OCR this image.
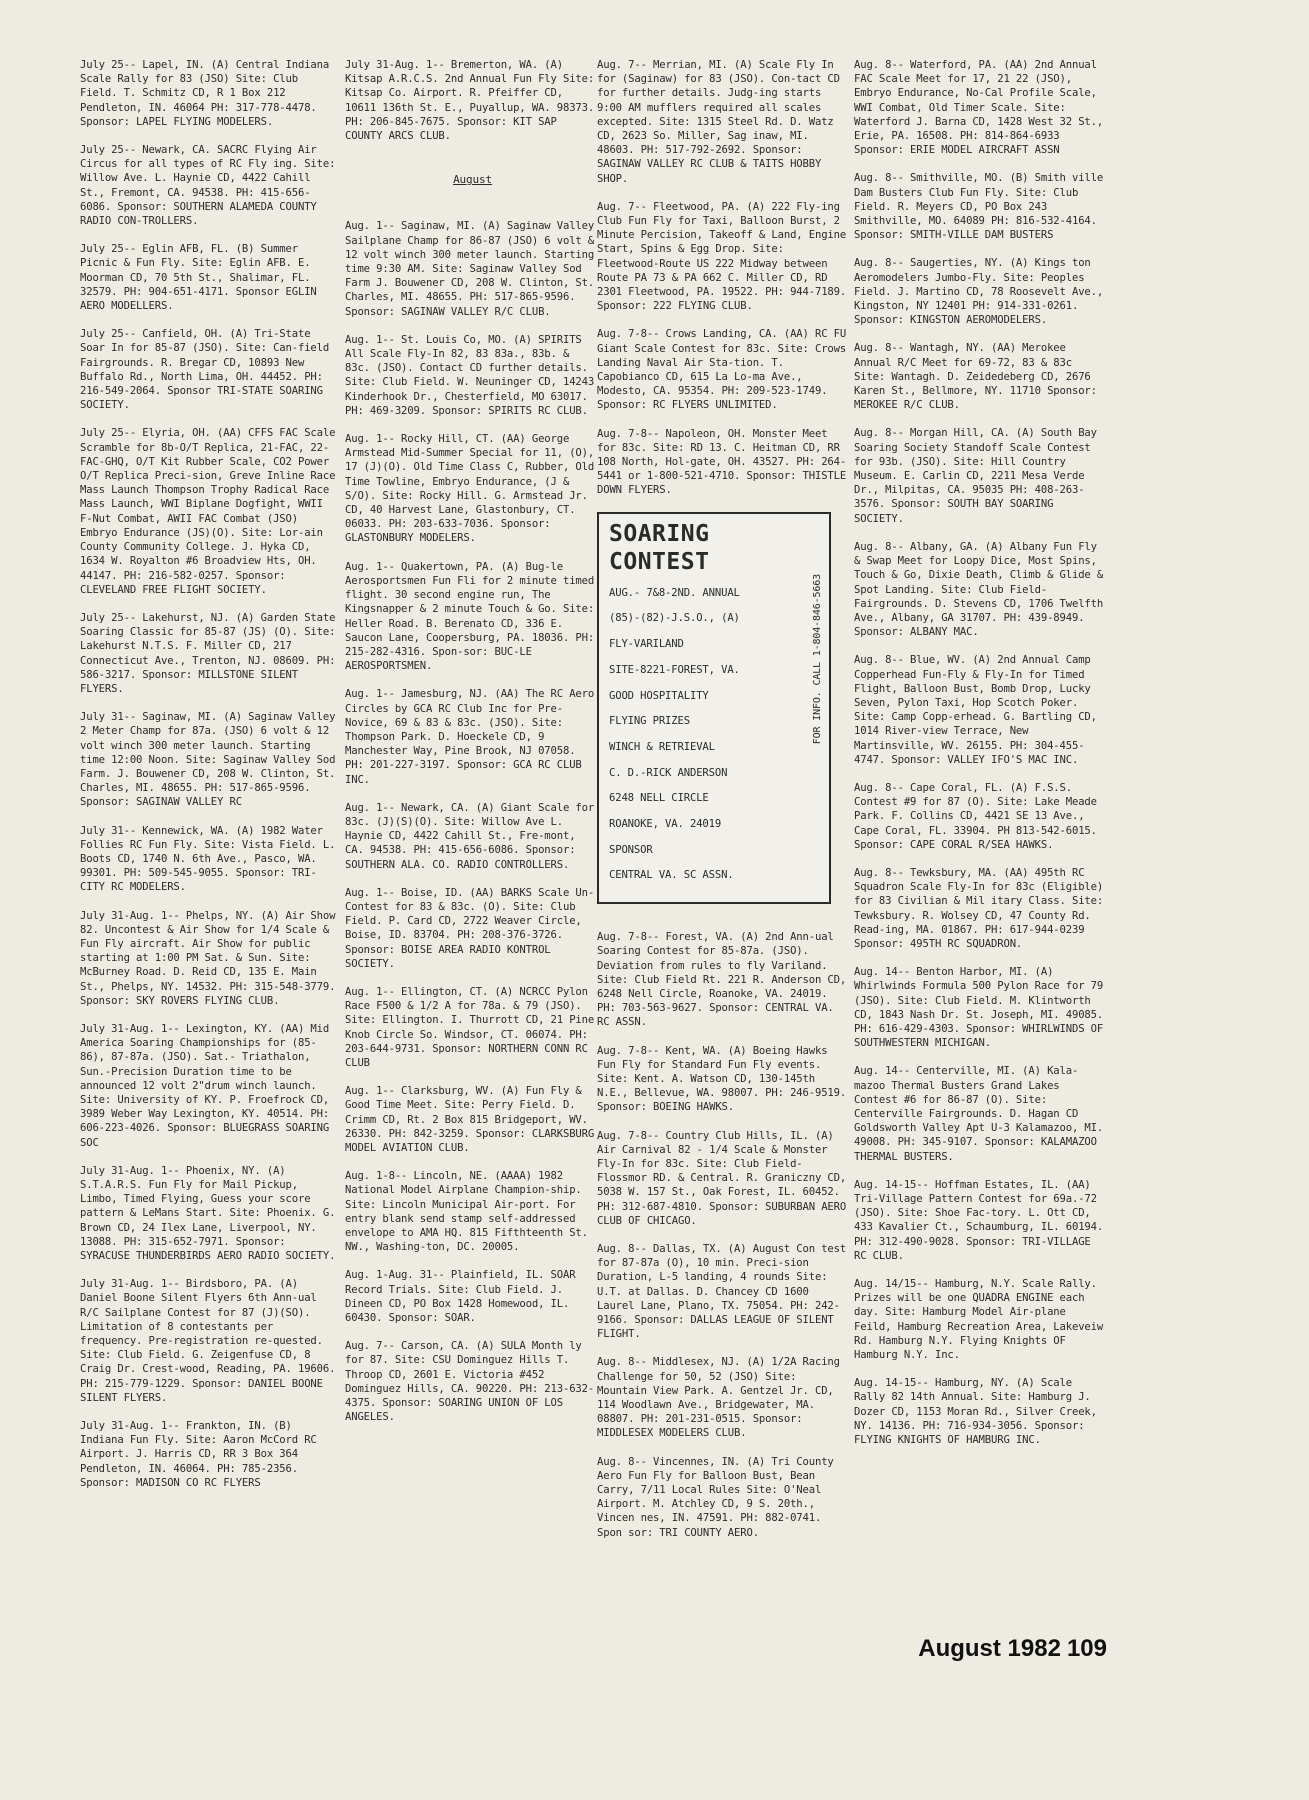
July 25-- Lapel, IN. (A) Central Indiana Scale Rally for 83 (JSO) Site: Club Field. T. Schmitz CD, R 1 Box 212 Pendleton, IN. 46064 PH: 317-778-4478. Sponsor: LAPEL FLYING MODELERS.
July 25-- Newark, CA. SACRC Flying Air Circus for all types of RC Fly ing. Site: Willow Ave. L. Haynie CD, 4422 Cahill St., Fremont, CA. 94538. PH: 415-656-6086. Sponsor: SOUTHERN ALAMEDA COUNTY RADIO CON-TROLLERS.
July 25-- Eglin AFB, FL. (B) Summer Picnic & Fun Fly. Site: Eglin AFB. E. Moorman CD, 70 5th St., Shalimar, FL. 32579. PH: 904-651-4171. Sponsor EGLIN AERO MODELLERS.
July 25-- Canfield, OH. (A) Tri-State Soar In for 85-87 (JSO). Site: Can-field Fairgrounds. R. Bregar CD, 10893 New Buffalo Rd., North Lima, OH. 44452. PH: 216-549-2064. Sponsor TRI-STATE SOARING SOCIETY.
July 25-- Elyria, OH. (AA) CFFS FAC Scale Scramble for 8b-O/T Replica, 21-FAC, 22-FAC-GHQ, O/T Kit Rubber Scale, CO2 Power O/T Replica Preci-sion, Greve Inline Race Mass Launch Thompson Trophy Radical Race Mass Launch, WWI Biplane Dogfight, WWII F-Nut Combat, AWII FAC Combat (JSO) Embryo Endurance (JS)(O). Site: Lor-ain County Community College. J. Hyka CD, 1634 W. Royalton #6 Broadview Hts, OH. 44147. PH: 216-582-0257. Sponsor: CLEVELAND FREE FLIGHT SOCIETY.
July 25-- Lakehurst, NJ. (A) Garden State Soaring Classic for 85-87 (JS) (O). Site: Lakehurst N.T.S. F. Miller CD, 217 Connecticut Ave., Trenton, NJ. 08609. PH: 586-3217. Sponsor: MILLSTONE SILENT FLYERS.
July 31-- Saginaw, MI. (A) Saginaw Valley 2 Meter Champ for 87a. (JSO) 6 volt & 12 volt winch 300 meter launch. Starting time 12:00 Noon. Site: Saginaw Valley Sod Farm. J. Bouwener CD, 208 W. Clinton, St. Charles, MI. 48655. PH: 517-865-9596. Sponsor: SAGINAW VALLEY RC
July 31-- Kennewick, WA. (A) 1982 Water Follies RC Fun Fly. Site: Vista Field. L. Boots CD, 1740 N. 6th Ave., Pasco, WA. 99301. PH: 509-545-9055. Sponsor: TRI-CITY RC MODELERS.
July 31-Aug. 1-- Phelps, NY. (A) Air Show 82. Uncontest & Air Show for 1/4 Scale & Fun Fly aircraft. Air Show for public starting at 1:00 PM Sat. & Sun. Site: McBurney Road. D. Reid CD, 135 E. Main St., Phelps, NY. 14532. PH: 315-548-3779. Sponsor: SKY ROVERS FLYING CLUB.
July 31-Aug. 1-- Lexington, KY. (AA) Mid America Soaring Championships for (85-86), 87-87a. (JSO). Sat.- Triathalon, Sun.-Precision Duration time to be announced 12 volt 2"drum winch launch. Site: University of KY. P. Froefrock CD, 3989 Weber Way Lexington, KY. 40514. PH: 606-223-4026. Sponsor: BLUEGRASS SOARING SOC
July 31-Aug. 1-- Phoenix, NY. (A) S.T.A.R.S. Fun Fly for Mail Pickup, Limbo, Timed Flying, Guess your score pattern & LeMans Start. Site: Phoenix. G. Brown CD, 24 Ilex Lane, Liverpool, NY. 13088. PH: 315-652-7971. Sponsor: SYRACUSE THUNDERBIRDS AERO RADIO SOCIETY.
July 31-Aug. 1-- Birdsboro, PA. (A) Daniel Boone Silent Flyers 6th Ann-ual R/C Sailplane Contest for 87 (J)(SO). Limitation of 8 contestants per frequency. Pre-registration re-quested. Site: Club Field. G. Zeigenfuse CD, 8 Craig Dr. Crest-wood, Reading, PA. 19606. PH: 215-779-1229. Sponsor: DANIEL BOONE SILENT FLYERS.
July 31-Aug. 1-- Frankton, IN. (B) Indiana Fun Fly. Site: Aaron McCord RC Airport. J. Harris CD, RR 3 Box 364 Pendleton, IN. 46064. PH: 785-2356. Sponsor: MADISON CO RC FLYERS
July 31-Aug. 1-- Bremerton, WA. (A) Kitsap A.R.C.S. 2nd Annual Fun Fly Site: Kitsap Co. Airport. R. Pfeiffer CD, 10611 136th St. E., Puyallup, WA. 98373. PH: 206-845-7675. Sponsor: KIT SAP COUNTY ARCS CLUB.
August
Aug. 1-- Saginaw, MI. (A) Saginaw Valley Sailplane Champ for 86-87 (JSO) 6 volt & 12 volt winch 300 meter launch. Starting time 9:30 AM. Site: Saginaw Valley Sod Farm J. Bouwener CD, 208 W. Clinton, St. Charles, MI. 48655. PH: 517-865-9596. Sponsor: SAGINAW VALLEY R/C CLUB.
Aug. 1-- St. Louis Co, MO. (A) SPIRITS All Scale Fly-In 82, 83 83a., 83b. & 83c. (JSO). Contact CD further details. Site: Club Field. W. Neuninger CD, 14243 Kinderhook Dr., Chesterfield, MO 63017. PH: 469-3209. Sponsor: SPIRITS RC CLUB.
Aug. 1-- Rocky Hill, CT. (AA) George Armstead Mid-Summer Special for 11, (O), 17 (J)(O). Old Time Class C, Rubber, Old Time Towline, Embryo Endurance, (J & S/O). Site: Rocky Hill. G. Armstead Jr. CD, 40 Harvest Lane, Glastonbury, CT. 06033. PH: 203-633-7036. Sponsor: GLASTONBURY MODELERS.
Aug. 1-- Quakertown, PA. (A) Bug-le Aerosportsmen Fun Fli for 2 minute timed flight. 30 second engine run, The Kingsnapper & 2 minute Touch & Go. Site: Heller Road. B. Berenato CD, 336 E. Saucon Lane, Coopersburg, PA. 18036. PH: 215-282-4316. Spon-sor: BUC-LE AEROSPORTSMEN.
Aug. 1-- Jamesburg, NJ. (AA) The RC Aero Circles by GCA RC Club Inc for Pre-Novice, 69 & 83 & 83c. (JSO). Site: Thompson Park. D. Hoeckele CD, 9 Manchester Way, Pine Brook, NJ 07058. PH: 201-227-3197. Sponsor: GCA RC CLUB INC.
Aug. 1-- Newark, CA. (A) Giant Scale for 83c. (J)(S)(O). Site: Willow Ave L. Haynie CD, 4422 Cahill St., Fre-mont, CA. 94538. PH: 415-656-6086. Sponsor: SOUTHERN ALA. CO. RADIO CONTROLLERS.
Aug. 1-- Boise, ID. (AA) BARKS Scale Un-Contest for 83 & 83c. (O). Site: Club Field. P. Card CD, 2722 Weaver Circle, Boise, ID. 83704. PH: 208-376-3726. Sponsor: BOISE AREA RADIO KONTROL SOCIETY.
Aug. 1-- Ellington, CT. (A) NCRCC Pylon Race F500 & 1/2 A for 78a. & 79 (JSO). Site: Ellington. I. Thurrott CD, 21 Pine Knob Circle So. Windsor, CT. 06074. PH: 203-644-9731. Sponsor: NORTHERN CONN RC CLUB
Aug. 1-- Clarksburg, WV. (A) Fun Fly & Good Time Meet. Site: Perry Field. D. Crimm CD, Rt. 2 Box 815 Bridgeport, WV. 26330. PH: 842-3259. Sponsor: CLARKSBURG MODEL AVIATION CLUB.
Aug. 1-8-- Lincoln, NE. (AAAA) 1982 National Model Airplane Champion-ship. Site: Lincoln Municipal Air-port. For entry blank send stamp self-addressed envelope to AMA HQ. 815 Fifthteenth St. NW., Washing-ton, DC. 20005.
Aug. 1-Aug. 31-- Plainfield, IL. SOAR Record Trials. Site: Club Field. J. Dineen CD, PO Box 1428 Homewood, IL. 60430. Sponsor: SOAR.
Aug. 7-- Carson, CA. (A) SULA Month ly for 87. Site: CSU Dominguez Hills T. Throop CD, 2601 E. Victoria #452 Dominguez Hills, CA. 90220. PH: 213-632-4375. Sponsor: SOARING UNION OF LOS ANGELES.
Aug. 7-- Merrian, MI. (A) Scale Fly In for (Saginaw) for 83 (JSO). Con-tact CD for further details. Judg-ing starts 9:00 AM mufflers required all scales excepted. Site: 1315 Steel Rd. D. Watz CD, 2623 So. Miller, Sag inaw, MI. 48603. PH: 517-792-2692. Sponsor: SAGINAW VALLEY RC CLUB & TAITS HOBBY SHOP.
Aug. 7-- Fleetwood, PA. (A) 222 Fly-ing Club Fun Fly for Taxi, Balloon Burst, 2 Minute Percision, Takeoff & Land, Engine Start, Spins & Egg Drop. Site: Fleetwood-Route US 222 Midway between Route PA 73 & PA 662 C. Miller CD, RD 2301 Fleetwood, PA. 19522. PH: 944-7189. Sponsor: 222 FLYING CLUB.
Aug. 7-8-- Crows Landing, CA. (AA) RC FU Giant Scale Contest for 83c. Site: Crows Landing Naval Air Sta-tion. T. Capobianco CD, 615 La Lo-ma Ave., Modesto, CA. 95354. PH: 209-523-1749. Sponsor: RC FLYERS UNLIMITED.
Aug. 7-8-- Napoleon, OH. Monster Meet for 83c. Site: RD 13. C. Heitman CD, RR 108 North, Hol-gate, OH. 43527. PH: 264-5441 or 1-800-521-4710. Sponsor: THISTLE DOWN FLYERS.
SOARING CONTEST
AUG.- 7&8-2ND. ANNUAL
(85)-(82)-J.S.O., (A)
FLY-VARILAND
SITE-8221-FOREST, VA.
GOOD HOSPITALITY
FLYING PRIZES
WINCH & RETRIEVAL
C. D.-RICK ANDERSON
6248 NELL CIRCLE
ROANOKE, VA. 24019
SPONSOR
CENTRAL VA. SC ASSN.
FOR INFO. CALL 1-804-846-5663
Aug. 7-8-- Forest, VA. (A) 2nd Ann-ual Soaring Contest for 85-87a. (JSO). Deviation from rules to fly Variland. Site: Club Field Rt. 221 R. Anderson CD, 6248 Nell Circle, Roanoke, VA. 24019. PH: 703-563-9627. Sponsor: CENTRAL VA. RC ASSN.
Aug. 7-8-- Kent, WA. (A) Boeing Hawks Fun Fly for Standard Fun Fly events. Site: Kent. A. Watson CD, 130-145th N.E., Bellevue, WA. 98007. PH: 246-9519. Sponsor: BOEING HAWKS.
Aug. 7-8-- Country Club Hills, IL. (A) Air Carnival 82 - 1/4 Scale & Monster Fly-In for 83c. Site: Club Field-Flossmor RD. & Central. R. Graniczny CD, 5038 W. 157 St., Oak Forest, IL. 60452. PH: 312-687-4810. Sponsor: SUBURBAN AERO CLUB OF CHICAGO.
Aug. 8-- Dallas, TX. (A) August Con test for 87-87a (O), 10 min. Preci-sion Duration, L-5 landing, 4 rounds Site: U.T. at Dallas. D. Chancey CD 1600 Laurel Lane, Plano, TX. 75054. PH: 242-9166. Sponsor: DALLAS LEAGUE OF SILENT FLIGHT.
Aug. 8-- Middlesex, NJ. (A) 1/2A Racing Challenge for 50, 52 (JSO) Site: Mountain View Park. A. Gentzel Jr. CD, 114 Woodlawn Ave., Bridgewater, MA. 08807. PH: 201-231-0515. Sponsor: MIDDLESEX MODELERS CLUB.
Aug. 8-- Vincennes, IN. (A) Tri County Aero Fun Fly for Balloon Bust, Bean Carry, 7/11 Local Rules Site: O'Neal Airport. M. Atchley CD, 9 S. 20th., Vincen nes, IN. 47591. PH: 882-0741. Spon sor: TRI COUNTY AERO.
Aug. 8-- Waterford, PA. (AA) 2nd Annual FAC Scale Meet for 17, 21 22 (JSO), Embryo Endurance, No-Cal Profile Scale, WWI Combat, Old Timer Scale. Site: Waterford J. Barna CD, 1428 West 32 St., Erie, PA. 16508. PH: 814-864-6933 Sponsor: ERIE MODEL AIRCRAFT ASSN
Aug. 8-- Smithville, MO. (B) Smith ville Dam Busters Club Fun Fly. Site: Club Field. R. Meyers CD, PO Box 243 Smithville, MO. 64089 PH: 816-532-4164. Sponsor: SMITH-VILLE DAM BUSTERS
Aug. 8-- Saugerties, NY. (A) Kings ton Aeromodelers Jumbo-Fly. Site: Peoples Field. J. Martino CD, 78 Roosevelt Ave., Kingston, NY 12401 PH: 914-331-0261. Sponsor: KINGSTON AEROMODELERS.
Aug. 8-- Wantagh, NY. (AA) Merokee Annual R/C Meet for 69-72, 83 & 83c Site: Wantagh. D. Zeidedeberg CD, 2676 Karen St., Bellmore, NY. 11710 Sponsor: MEROKEE R/C CLUB.
Aug. 8-- Morgan Hill, CA. (A) South Bay Soaring Society Standoff Scale Contest for 93b. (JSO). Site: Hill Country Museum. E. Carlin CD, 2211 Mesa Verde Dr., Milpitas, CA. 95035 PH: 408-263-3576. Sponsor: SOUTH BAY SOARING SOCIETY.
Aug. 8-- Albany, GA. (A) Albany Fun Fly & Swap Meet for Loopy Dice, Most Spins, Touch & Go, Dixie Death, Climb & Glide & Spot Landing. Site: Club Field-Fairgrounds. D. Stevens CD, 1706 Twelfth Ave., Albany, GA 31707. PH: 439-8949. Sponsor: ALBANY MAC.
Aug. 8-- Blue, WV. (A) 2nd Annual Camp Copperhead Fun-Fly & Fly-In for Timed Flight, Balloon Bust, Bomb Drop, Lucky Seven, Pylon Taxi, Hop Scotch Poker. Site: Camp Copp-erhead. G. Bartling CD, 1014 River-view Terrace, New Martinsville, WV. 26155. PH: 304-455-4747. Sponsor: VALLEY IFO'S MAC INC.
Aug. 8-- Cape Coral, FL. (A) F.S.S. Contest #9 for 87 (O). Site: Lake Meade Park. F. Collins CD, 4421 SE 13 Ave., Cape Coral, FL. 33904. PH 813-542-6015. Sponsor: CAPE CORAL R/SEA HAWKS.
Aug. 8-- Tewksbury, MA. (AA) 495th RC Squadron Scale Fly-In for 83c (Eligible) for 83 Civilian & Mil itary Class. Site: Tewksbury. R. Wolsey CD, 47 County Rd. Read-ing, MA. 01867. PH: 617-944-0239 Sponsor: 495TH RC SQUADRON.
Aug. 14-- Benton Harbor, MI. (A) Whirlwinds Formula 500 Pylon Race for 79 (JSO). Site: Club Field. M. Klintworth CD, 1843 Nash Dr. St. Joseph, MI. 49085. PH: 616-429-4303. Sponsor: WHIRLWINDS OF SOUTHWESTERN MICHIGAN.
Aug. 14-- Centerville, MI. (A) Kala-mazoo Thermal Busters Grand Lakes Contest #6 for 86-87 (O). Site: Centerville Fairgrounds. D. Hagan CD Goldsworth Valley Apt U-3 Kalamazoo, MI. 49008. PH: 345-9107. Sponsor: KALAMAZOO THERMAL BUSTERS.
Aug. 14-15-- Hoffman Estates, IL. (AA) Tri-Village Pattern Contest for 69a.-72 (JSO). Site: Shoe Fac-tory. L. Ott CD, 433 Kavalier Ct., Schaumburg, IL. 60194. PH: 312-490-9028. Sponsor: TRI-VILLAGE RC CLUB.
Aug. 14/15-- Hamburg, N.Y. Scale Rally. Prizes will be one QUADRA ENGINE each day. Site: Hamburg Model Air-plane Feild, Hamburg Recreation Area, Lakeveiw Rd. Hamburg N.Y. Flying Knights OF Hamburg N.Y. Inc.
Aug. 14-15-- Hamburg, NY. (A) Scale Rally 82 14th Annual. Site: Hamburg J. Dozer CD, 1153 Moran Rd., Silver Creek, NY. 14136. PH: 716-934-3056. Sponsor: FLYING KNIGHTS OF HAMBURG INC.
August 1982 109
